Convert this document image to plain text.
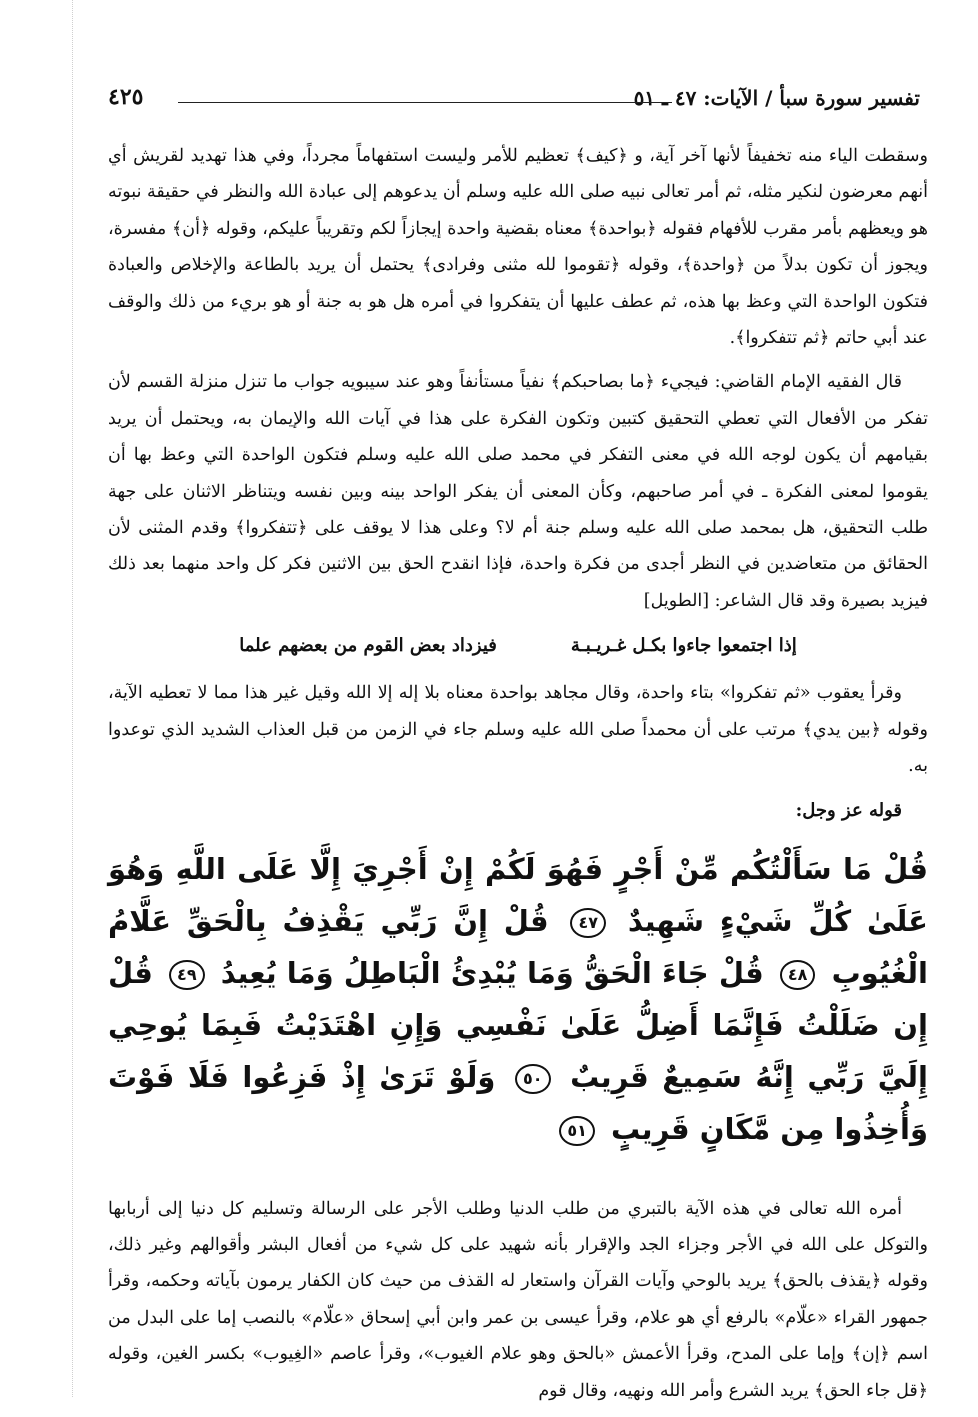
تفسير سورة سبأ / الآيات: ٤٧ ـ ٥١
٤٢٥

وسقطت الياء منه تخفيفاً لأنها آخر آية، و ﴿كيف﴾ تعظيم للأمر وليست استفهاماً مجرداً، وفي هذا تهديد لقريش أي أنهم معرضون لنكير مثله، ثم أمر تعالى نبيه صلى الله عليه وسلم أن يدعوهم إلى عبادة الله والنظر في حقيقة نبوته هو ويعظهم بأمر مقرب للأفهام فقوله ﴿بواحدة﴾ معناه بقضية واحدة إيجازاً لكم وتقريباً عليكم، وقوله ﴿أن﴾ مفسرة، ويجوز أن تكون بدلاً من ﴿واحدة﴾، وقوله ﴿تقوموا لله مثنى وفرادى﴾ يحتمل أن يريد بالطاعة والإخلاص والعبادة فتكون الواحدة التي وعظ بها هذه، ثم عطف عليها أن يتفكروا في أمره هل هو به جنة أو هو بريء من ذلك والوقف عند أبي حاتم ﴿ثم تتفكروا﴾.

قال الفقيه الإمام القاضي: فيجيء ﴿ما بصاحبكم﴾ نفياً مستأنفاً وهو عند سيبويه جواب ما تنزل منزلة القسم لأن تفكر من الأفعال التي تعطي التحقيق كتبين وتكون الفكرة على هذا في آيات الله والإيمان به، ويحتمل أن يريد بقيامهم أن يكون لوجه الله في معنى التفكر في محمد صلى الله عليه وسلم فتكون الواحدة التي وعظ بها أن يقوموا لمعنى الفكرة ـ في أمر صاحبهم، وكأن المعنى أن يفكر الواحد بينه وبين نفسه ويتناظر الاثنان على جهة طلب التحقيق، هل بمحمد صلى الله عليه وسلم جنة أم لا؟ وعلى هذا لا يوقف على ﴿تتفكروا﴾ وقدم المثنى لأن الحقائق من متعاضدين في النظر أجدى من فكرة واحدة، فإذا انقدح الحق بين الاثنين فكر كل واحد منهما بعد ذلك فيزيد بصيرة وقد قال الشاعر: [الطويل]

إذا اجتمعوا جاءوا بكـل غـريـبـة
فيزداد بعض القوم من بعضهم علما

وقرأ يعقوب «ثم تفكروا» بتاء واحدة، وقال مجاهد بواحدة معناه بلا إله إلا الله وقيل غير هذا مما لا تعطيه الآية، وقوله ﴿بين يدي﴾ مرتب على أن محمداً صلى الله عليه وسلم جاء في الزمن من قبل العذاب الشديد الذي توعدوا به.

قوله عز وجل:

قُلْ مَا سَأَلْتُكُم مِّنْ أَجْرٍ فَهُوَ لَكُمْ إِنْ أَجْرِيَ إِلَّا عَلَى اللَّهِ وَهُوَ عَلَىٰ كُلِّ شَيْءٍ شَهِيدٌ ٤٧ قُلْ إِنَّ رَبِّي يَقْذِفُ بِالْحَقِّ عَلَّامُ الْغُيُوبِ ٤٨ قُلْ جَاءَ الْحَقُّ وَمَا يُبْدِئُ الْبَاطِلُ وَمَا يُعِيدُ ٤٩ قُلْ إِن ضَلَلْتُ فَإِنَّمَا أَضِلُّ عَلَىٰ نَفْسِي وَإِنِ اهْتَدَيْتُ فَبِمَا يُوحِي إِلَيَّ رَبِّي إِنَّهُ سَمِيعٌ قَرِيبٌ ٥٠ وَلَوْ تَرَىٰ إِذْ فَزِعُوا فَلَا فَوْتَ وَأُخِذُوا مِن مَّكَانٍ قَرِيبٍ ٥١

أمره الله تعالى في هذه الآية بالتبري من طلب الدنيا وطلب الأجر على الرسالة وتسليم كل دنيا إلى أربابها والتوكل على الله في الأجر وجزاء الجد والإقرار بأنه شهيد على كل شيء من أفعال البشر وأقوالهم وغير ذلك، وقوله ﴿يقذف بالحق﴾ يريد بالوحي وآيات القرآن واستعار له القذف من حيث كان الكفار يرمون بآياته وحكمه، وقرأ جمهور القراء «علّام» بالرفع أي هو علام، وقرأ عيسى بن عمر وابن أبي إسحاق «علّام» بالنصب إما على البدل من اسم ﴿إن﴾ وإما على المدح، وقرأ الأعمش «بالحق وهو علام الغيوب»، وقرأ عاصم «الغِيوب» بكسر الغين، وقوله ﴿قل جاء الحق﴾ يريد الشرع وأمر الله ونهيه، وقال قوم
